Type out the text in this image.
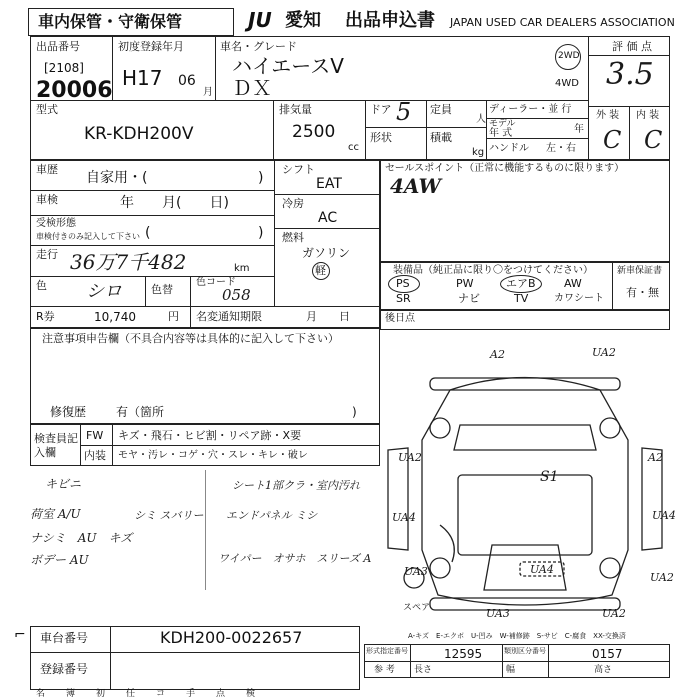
車内保管・守衛保管	JU 愛知 出品申込書 JAPAN USED CAR DEALERS ASSOCIATION
出品番号
[2108]
20006
初度登録年月
H17 06
月
車名・グレード
ハイエースV
ＤＸ
2WD
4WD
評 価 点
3.5
外 装 内 装
C C
型式
KR-KDH200V
排気量
2500
cc
ドア 5
形状
定員
人
積載
kg
ディーラー・並 行
モデル
年 式	年
ハンドル 左・右
車歴
自家用・(	)
車検	年　　月(　　日)
受検形態
車検付きのみ記入して下さい (	)
走行 36万7千482	km
色 シロ	色替
色コード
058
シフト
EAT
冷房
AC
燃料
ガソリン
軽
R券	10,740	円 名変通知期限	月　　日
セールスポイント（正常に機能するものに限ります）
4AW
装備品（純正品に限り〇をつけてください）	新車保証書
有・無
PS	PW	エアB	AW
SR	ナビ	TV	カワシート
後日点
注意事項申告欄（不具合内容等は具体的に記入して下さい）
修復歴 有（箇所	)
検査員記入欄
FW キズ・飛石・ヒビ割・リペア跡・X要
内装 モヤ・汚レ・コゲ・穴・スレ・キレ・破レ
キビニ	シート1部クラ・室内汚れ
荷室 A/U	シミ スバリー エンドパネル ミシ
ナシミ　AU　キズ
ボデー AU	ワイパー　オサホ　スリーズ A
A2	UA2
UA2
S1
UA4
UA3	UA4
A2
UA2
UA4
UA3	UA2
スペア
A-キズ　E-エクボ　U-凹み　W-補修跡　S-サビ　C-腐食　XX-交換済
車台番号	KDH200-0022657
登録番号
⌐
形式指定番号	12595	類別区分番号	0157
参 考 長さ	幅	高さ
名 簿 初 任 コ 手 点 検
